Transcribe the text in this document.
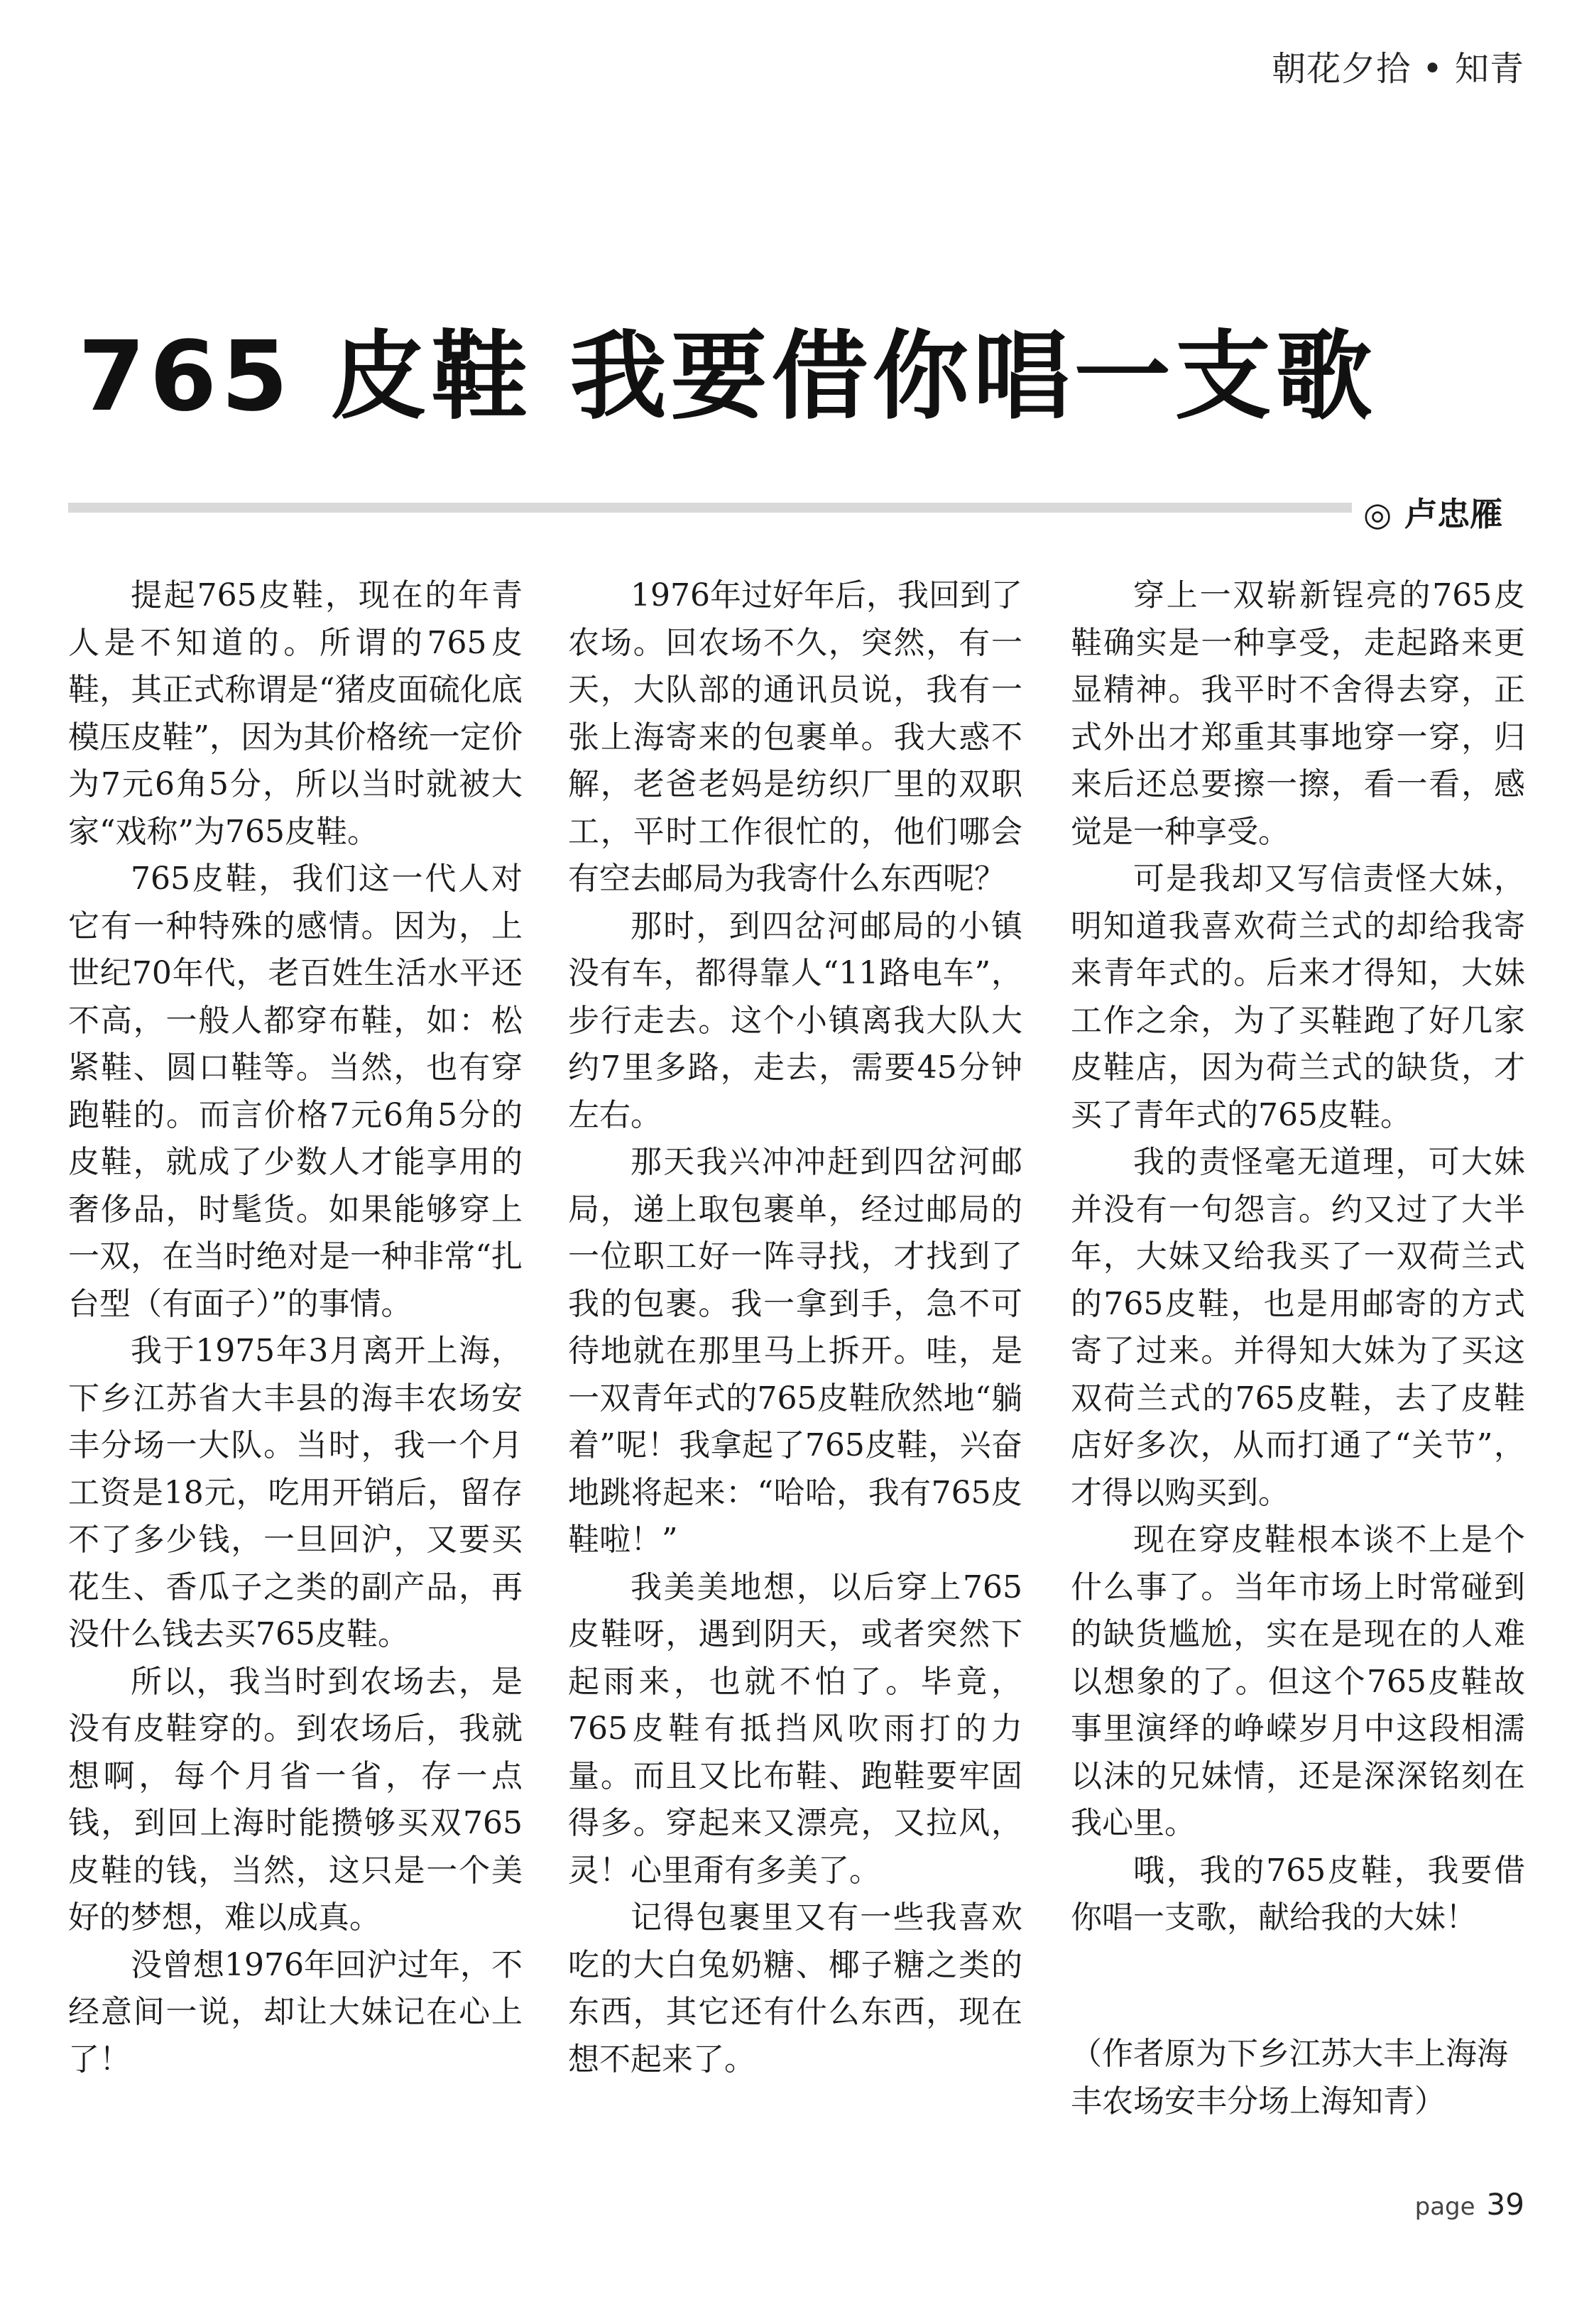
朝花夕拾 • 知青
765 皮鞋 我要借你唱一支歌
◎ 卢忠雁

提起765皮鞋，现在的年青人是不知道的。所谓的765皮鞋，其正式称谓是“猪皮面硫化底模压皮鞋”，因为其价格统一定价为7元6角5分，所以当时就被大家“戏称”为765皮鞋。

765皮鞋，我们这一代人对它有一种特殊的感情。因为，上世纪70年代，老百姓生活水平还不高，一般人都穿布鞋，如：松紧鞋、圆口鞋等。当然，也有穿跑鞋的。而言价格7元6角5分的皮鞋，就成了少数人才能享用的奢侈品，时髦货。如果能够穿上一双，在当时绝对是一种非常“扎台型（有面子）”的事情。

我于1975年3月离开上海，下乡江苏省大丰县的海丰农场安丰分场一大队。当时，我一个月工资是18元，吃用开销后，留存不了多少钱，一旦回沪，又要买花生、香瓜子之类的副产品，再没什么钱去买765皮鞋。

所以，我当时到农场去，是没有皮鞋穿的。到农场后，我就想啊，每个月省一省，存一点钱，到回上海时能攒够买双765皮鞋的钱，当然，这只是一个美好的梦想，难以成真。

没曾想1976年回沪过年，不经意间一说，却让大妹记在心上了！

1976年过好年后，我回到了农场。回农场不久，突然，有一天，大队部的通讯员说，我有一张上海寄来的包裹单。我大惑不解，老爸老妈是纺织厂里的双职工，平时工作很忙的，他们哪会有空去邮局为我寄什么东西呢？

那时，到四岔河邮局的小镇没有车，都得靠人“11路电车”，步行走去。这个小镇离我大队大约7里多路，走去，需要45分钟左右。

那天我兴冲冲赶到四岔河邮局，递上取包裹单，经过邮局的一位职工好一阵寻找，才找到了我的包裹。我一拿到手，急不可待地就在那里马上拆开。哇，是一双青年式的765皮鞋欣然地“躺着”呢！我拿起了765皮鞋，兴奋地跳将起来：“哈哈，我有765皮鞋啦！”

我美美地想，以后穿上765皮鞋呀，遇到阴天，或者突然下起雨来，也就不怕了。毕竟，765皮鞋有抵挡风吹雨打的力量。而且又比布鞋、跑鞋要牢固得多。穿起来又漂亮，又拉风，灵！心里甭有多美了。

记得包裹里又有一些我喜欢吃的大白兔奶糖、椰子糖之类的东西，其它还有什么东西，现在想不起来了。

穿上一双崭新锃亮的765皮鞋确实是一种享受，走起路来更显精神。我平时不舍得去穿，正式外出才郑重其事地穿一穿，归来后还总要擦一擦，看一看，感觉是一种享受。

可是我却又写信责怪大妹，明知道我喜欢荷兰式的却给我寄来青年式的。后来才得知，大妹工作之余，为了买鞋跑了好几家皮鞋店，因为荷兰式的缺货，才买了青年式的765皮鞋。

我的责怪毫无道理，可大妹并没有一句怨言。约又过了大半年，大妹又给我买了一双荷兰式的765皮鞋，也是用邮寄的方式寄了过来。并得知大妹为了买这双荷兰式的765皮鞋，去了皮鞋店好多次，从而打通了“关节”，才得以购买到。

现在穿皮鞋根本谈不上是个什么事了。当年市场上时常碰到的缺货尴尬，实在是现在的人难以想象的了。但这个765皮鞋故事里演绎的峥嵘岁月中这段相濡以沫的兄妹情，还是深深铭刻在我心里。

哦，我的765皮鞋，我要借你唱一支歌，献给我的大妹！

（作者原为下乡江苏大丰上海海丰农场安丰分场上海知青）
page 39
